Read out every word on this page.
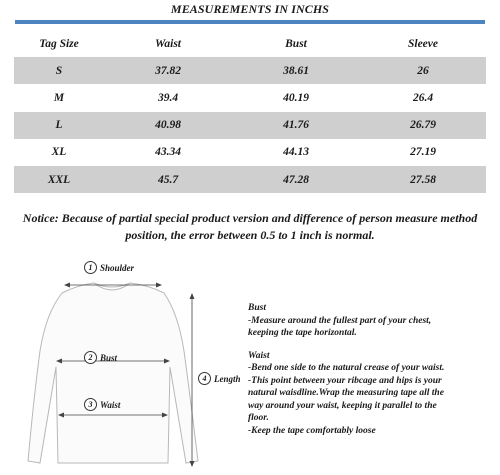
MEASUREMENTS IN INCHS
Tag Size	Waist	Bust	Sleeve
S	37.82	38.61	26
M	39.4	40.19	26.4
L	40.98	41.76	26.79
XL	43.34	44.13	27.19
XXL	45.7	47.28	27.58
Notice: Because of partial special product version and difference of person measure method position, the error between 0.5 to 1 inch is normal.
1 Shoulder
2 Bust
3 Waist
4 Length

Bust

-Measure around the fullest part of your chest,

keeping the tape horizontal.

Waist

-Bend one side to the natural crease of your waist.

-This point between your ribcage and hips is your

natural waisdline.Wrap the measuring tape all the

way around your waist, keeping it parallel to the

floor.

-Keep the tape comfortably loose
